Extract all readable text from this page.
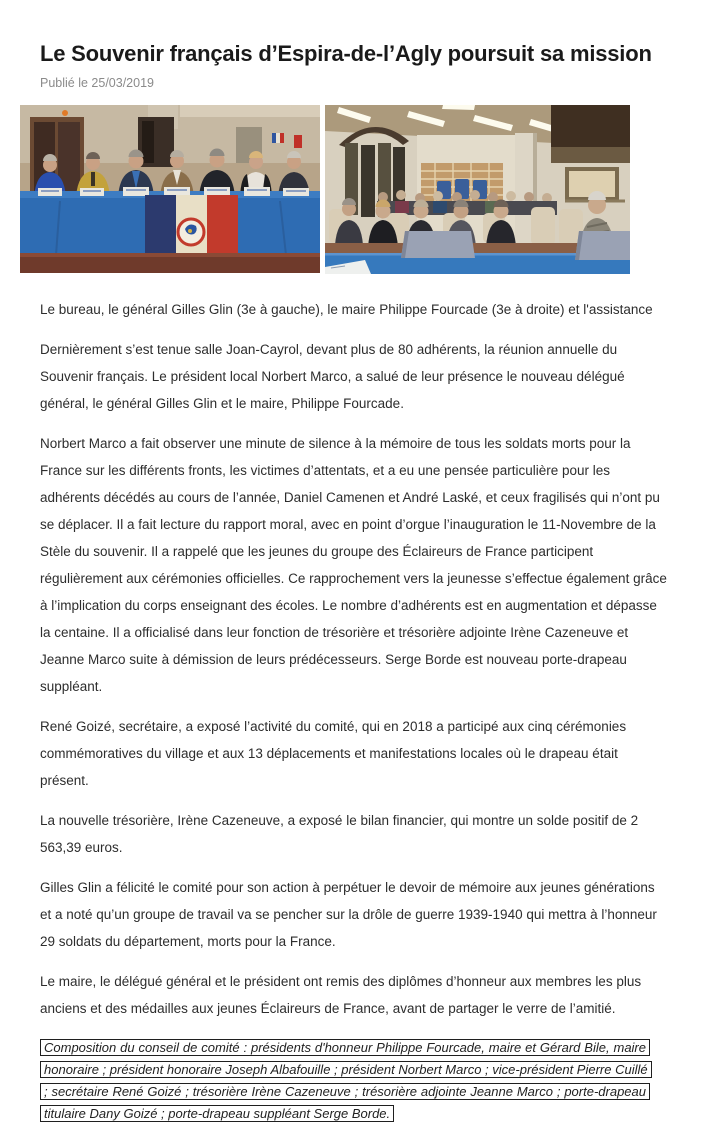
Le Souvenir français d’Espira-de-l’Agly poursuit sa mission
Publié le 25/03/2019

Le bureau, le général Gilles Glin (3e à gauche), le maire Philippe Fourcade (3e à droite) et l'assistance

Dernièrement s’est tenue salle Joan-Cayrol, devant plus de 80 adhérents, la réunion annuelle du Souvenir français. Le président local Norbert Marco, a salué de leur présence le nouveau délégué général, le général Gilles Glin et le maire, Philippe Fourcade.

Norbert Marco a fait observer une minute de silence à la mémoire de tous les soldats morts pour la France sur les différents fronts, les victimes d’attentats, et a eu une pensée particulière pour les adhérents décédés au cours de l’année, Daniel Camenen et André Laské, et ceux fragilisés qui n’ont pu se déplacer. Il a fait lecture du rapport moral, avec en point d’orgue l’inauguration le 11-Novembre de la Stèle du souvenir. Il a rappelé que les jeunes du groupe des Éclaireurs de France participent régulièrement aux cérémonies officielles. Ce rapprochement vers la jeunesse s’effectue également grâce à l’implication du corps enseignant des écoles. Le nombre d’adhérents est en augmentation et dépasse la centaine. Il a officialisé dans leur fonction de trésorière et trésorière adjointe Irène Cazeneuve et Jeanne Marco suite à démission de leurs prédécesseurs. Serge Borde est nouveau porte-drapeau suppléant.

René Goizé, secrétaire, a exposé l’activité du comité, qui en 2018 a participé aux cinq cérémonies commémoratives du village et aux 13 déplacements et manifestations locales où le drapeau était présent.

La nouvelle trésorière, Irène Cazeneuve, a exposé le bilan financier, qui montre un solde positif de 2 563,39 euros.

Gilles Glin a félicité le comité pour son action à perpétuer le devoir de mémoire aux jeunes générations et a noté qu’un groupe de travail va se pencher sur la drôle de guerre 1939-1940 qui mettra à l’honneur 29 soldats du département, morts pour la France.

Le maire, le délégué général et le président ont remis des diplômes d’honneur aux membres les plus anciens et des médailles aux jeunes Éclaireurs de France, avant de partager le verre de l’amitié.

Composition du conseil de comité : présidents d'honneur Philippe Fourcade, maire et Gérard Bile, maire honoraire ; président honoraire Joseph Albafouille ; président Norbert Marco ; vice-président Pierre Cuillé ; secrétaire René Goizé ; trésorière Irène Cazeneuve ; trésorière adjointe Jeanne Marco ; porte-drapeau titulaire Dany Goizé ; porte-drapeau suppléant Serge Borde.
